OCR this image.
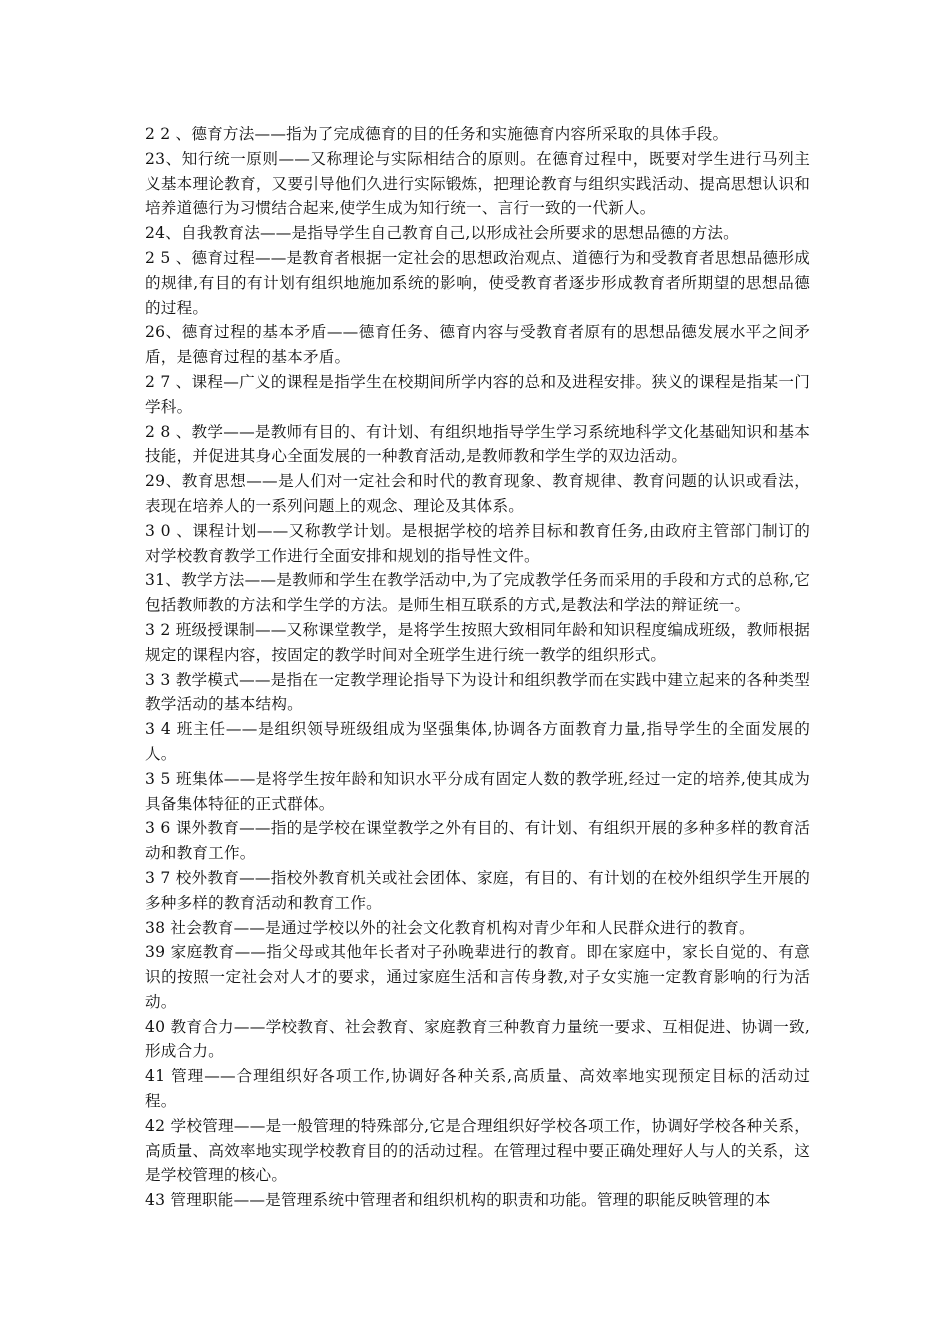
2 2 、德育方法——指为了完成德育的目的任务和实施德育内容所采取的具体手段。

23、知行统一原则——又称理论与实际相结合的原则。在德育过程中，既要对学生进行马列主义基本理论教育，又要引导他们久进行实际锻炼，把理论教育与组织实践活动、提高思想认识和培养道德行为习惯结合起来,使学生成为知行统一、言行一致的一代新人。

24、自我教育法——是指导学生自己教育自己,以形成社会所要求的思想品德的方法。

2 5 、德育过程——是教育者根据一定社会的思想政治观点、道德行为和受教育者思想品德形成的规律,有目的有计划有组织地施加系统的影响，使受教育者逐步形成教育者所期望的思想品德的过程。

26、德育过程的基本矛盾——德育任务、德育内容与受教育者原有的思想品德发展水平之间矛盾，是德育过程的基本矛盾。

2 7 、课程—广义的课程是指学生在校期间所学内容的总和及进程安排。狭义的课程是指某一门学科。

2 8 、教学——是教师有目的、有计划、有组织地指导学生学习系统地科学文化基础知识和基本技能，并促进其身心全面发展的一种教育活动,是教师教和学生学的双边活动。

29、教育思想——是人们对一定社会和时代的教育现象、教育规律、教育问题的认识或看法，表现在培养人的一系列问题上的观念、理论及其体系。

3 0 、课程计划——又称教学计划。是根据学校的培养目标和教育任务,由政府主管部门制订的对学校教育教学工作进行全面安排和规划的指导性文件。

31、教学方法——是教师和学生在教学活动中,为了完成教学任务而采用的手段和方式的总称,它包括教师教的方法和学生学的方法。是师生相互联系的方式,是教法和学法的辩证统一。

3 2 班级授课制——又称课堂教学，是将学生按照大致相同年龄和知识程度编成班级，教师根据规定的课程内容，按固定的教学时间对全班学生进行统一教学的组织形式。

3 3 教学模式——是指在一定教学理论指导下为设计和组织教学而在实践中建立起来的各种类型教学活动的基本结构。

3 4 班主任——是组织领导班级组成为坚强集体,协调各方面教育力量,指导学生的全面发展的人。

3 5 班集体——是将学生按年龄和知识水平分成有固定人数的教学班,经过一定的培养,使其成为具备集体特征的正式群体。

3 6 课外教育——指的是学校在课堂教学之外有目的、有计划、有组织开展的多种多样的教育活动和教育工作。

3 7 校外教育——指校外教育机关或社会团体、家庭，有目的、有计划的在校外组织学生开展的多种多样的教育活动和教育工作。

38 社会教育——是通过学校以外的社会文化教育机构对青少年和人民群众进行的教育。

39 家庭教育——指父母或其他年长者对子孙晚辈进行的教育。即在家庭中，家长自觉的、有意识的按照一定社会对人才的要求，通过家庭生活和言传身教,对子女实施一定教育影响的行为活动。

40 教育合力——学校教育、社会教育、家庭教育三种教育力量统一要求、互相促进、协调一致,形成合力。

41 管理——合理组织好各项工作,协调好各种关系,高质量、高效率地实现预定目标的活动过程。

42 学校管理——是一般管理的特殊部分,它是合理组织好学校各项工作，协调好学校各种关系，高质量、高效率地实现学校教育目的的活动过程。在管理过程中要正确处理好人与人的关系，这是学校管理的核心。

43 管理职能——是管理系统中管理者和组织机构的职责和功能。管理的职能反映管理的本
